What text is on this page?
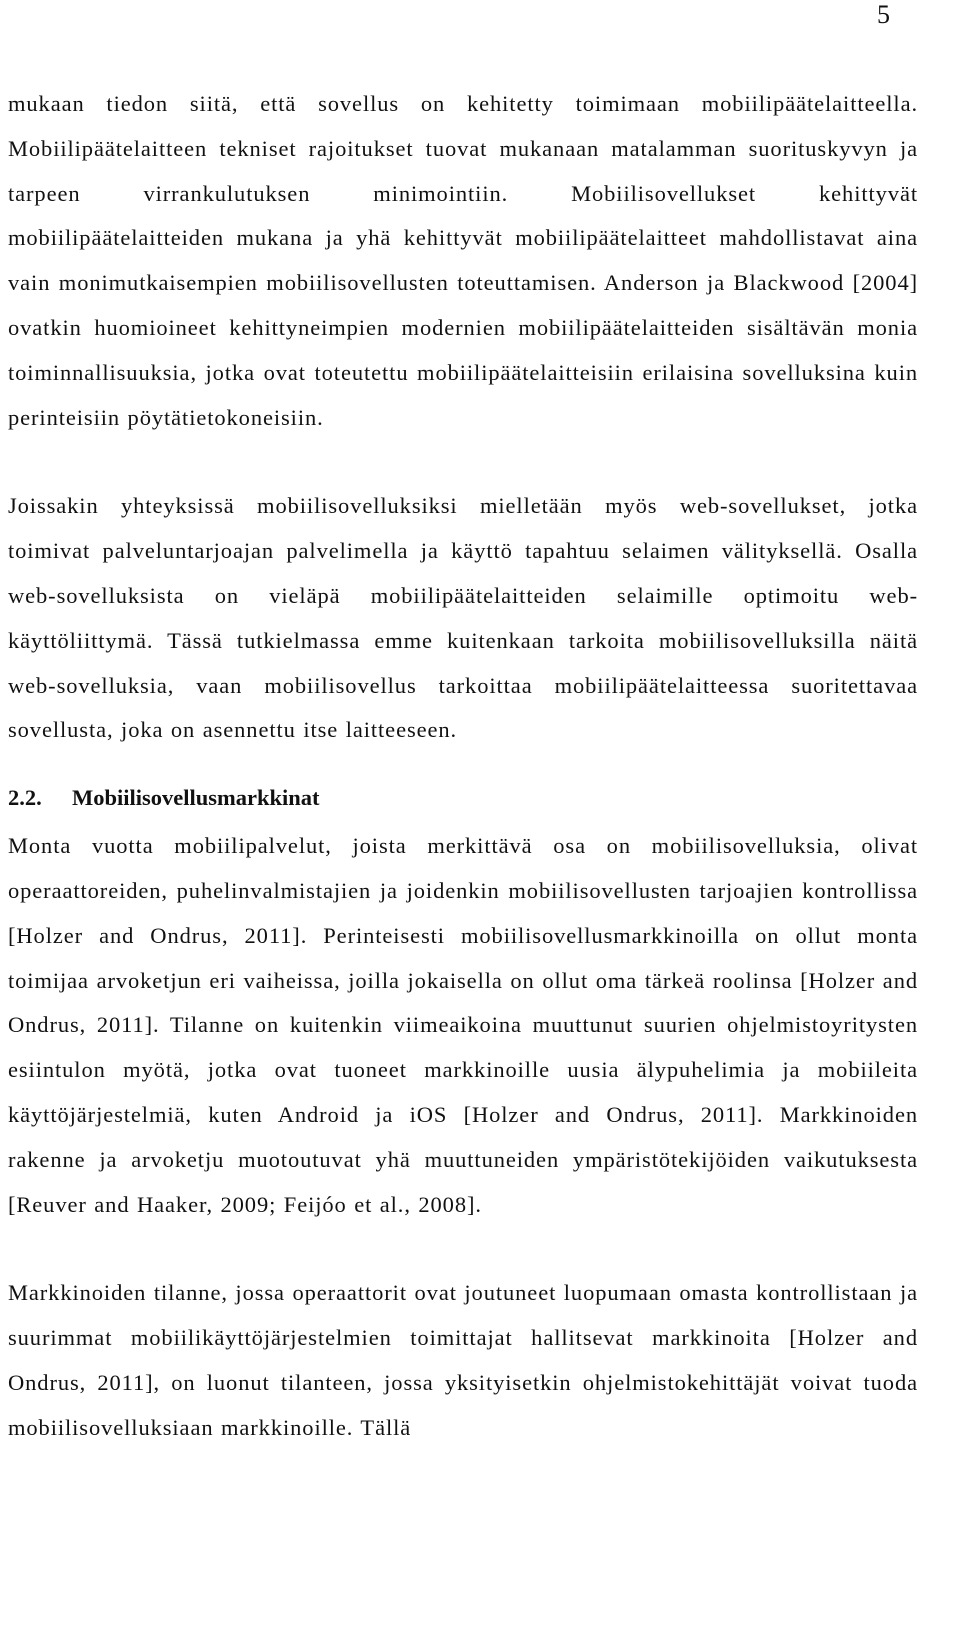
5

mukaan tiedon siitä, että sovellus on kehitetty toimimaan mobiilipäätelaitteella. Mobiilipäätelaitteen tekniset rajoitukset tuovat mukanaan matalamman suorituskyvyn ja tarpeen virrankulutuksen minimointiin. Mobiilisovellukset kehittyvät mobiilipäätelaitteiden mukana ja yhä kehittyvät mobiilipäätelaitteet mahdollistavat aina vain monimutkaisempien mobiilisovellusten toteuttamisen. Anderson ja Blackwood [2004] ovatkin huomioineet kehittyneimpien modernien mobiilipäätelaitteiden sisältävän monia toiminnallisuuksia, jotka ovat toteutettu mobiilipäätelaitteisiin erilaisina sovelluksina kuin perinteisiin pöytätietokoneisiin.

Joissakin yhteyksissä mobiilisovelluksiksi mielletään myös web-sovellukset, jotka toimivat palveluntarjoajan palvelimella ja käyttö tapahtuu selaimen välityksellä. Osalla web-sovelluksista on vieläpä mobiilipäätelaitteiden selaimille optimoitu web-käyttöliittymä. Tässä tutkielmassa emme kuitenkaan tarkoita mobiilisovelluksilla näitä web-sovelluksia, vaan mobiilisovellus tarkoittaa mobiilipäätelaitteessa suoritettavaa sovellusta, joka on asennettu itse laitteeseen.

2.2. Mobiilisovellusmarkkinat

Monta vuotta mobiilipalvelut, joista merkittävä osa on mobiilisovelluksia, olivat operaattoreiden, puhelinvalmistajien ja joidenkin mobiilisovellusten tarjoajien kontrollissa [Holzer and Ondrus, 2011]. Perinteisesti mobiilisovellusmarkkinoilla on ollut monta toimijaa arvoketjun eri vaiheissa, joilla jokaisella on ollut oma tärkeä roolinsa [Holzer and Ondrus, 2011]. Tilanne on kuitenkin viimeaikoina muuttunut suurien ohjelmistoyritysten esiintulon myötä, jotka ovat tuoneet markkinoille uusia älypuhelimia ja mobiileita käyttöjärjestelmiä, kuten Android ja iOS [Holzer and Ondrus, 2011]. Markkinoiden rakenne ja arvoketju muotoutuvat yhä muuttuneiden ympäristötekijöiden vaikutuksesta [Reuver and Haaker, 2009; Feijóo et al., 2008].

Markkinoiden tilanne, jossa operaattorit ovat joutuneet luopumaan omasta kontrollistaan ja suurimmat mobiilikäyttöjärjestelmien toimittajat hallitsevat markkinoita [Holzer and Ondrus, 2011], on luonut tilanteen, jossa yksityisetkin ohjelmistokehittäjät voivat tuoda mobiilisovelluksiaan markkinoille. Tällä
